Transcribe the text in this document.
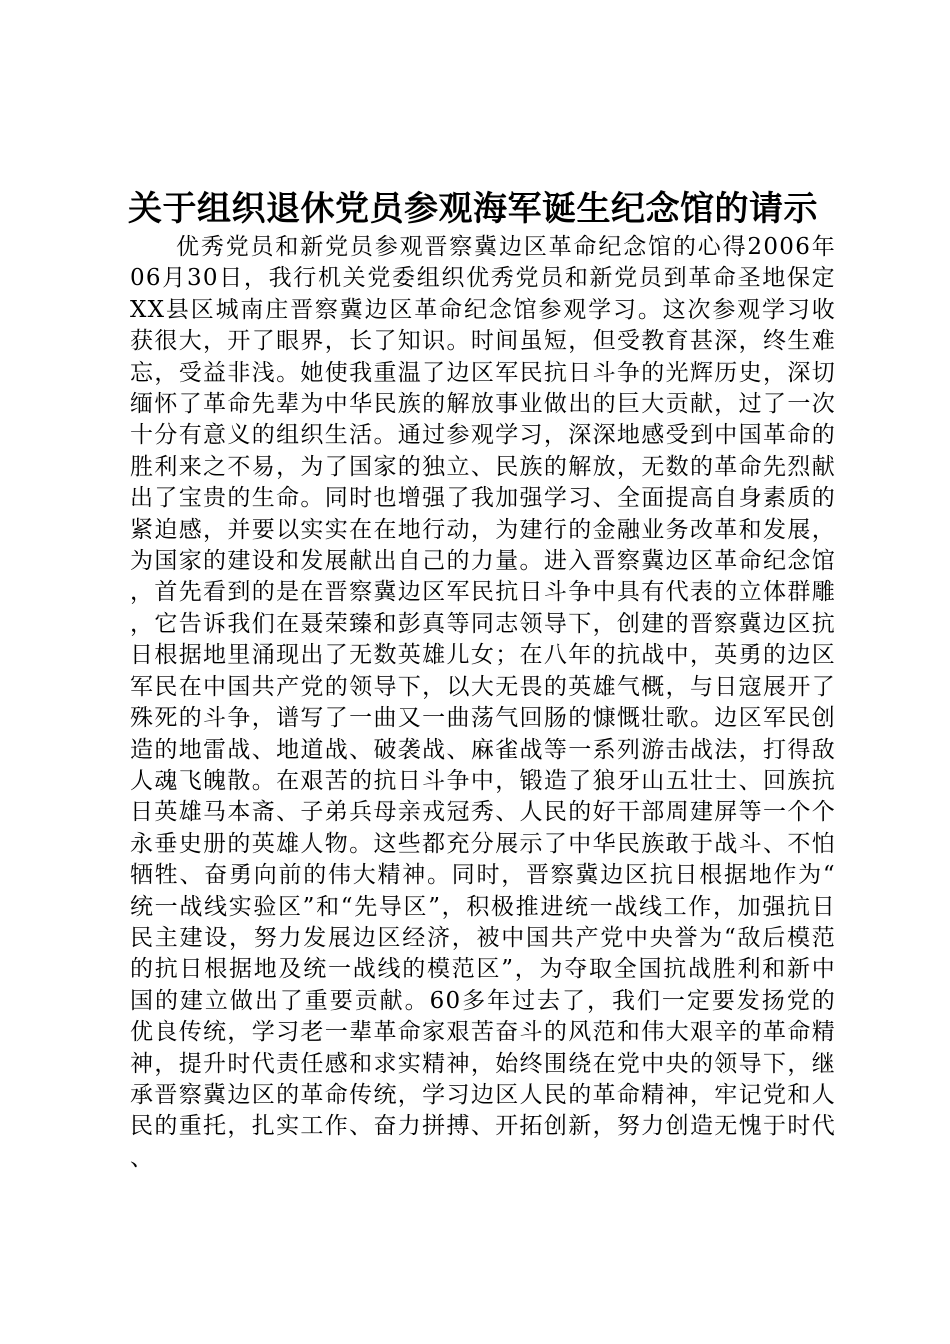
关于组织退休党员参观海军诞生纪念馆的请示

优秀党员和新党员参观晋察冀边区革命纪念馆的心得2006年06月30日，我行机关党委组织优秀党员和新党员到革命圣地保定XX县区城南庄晋察冀边区革命纪念馆参观学习。这次参观学习收获很大，开了眼界，长了知识。时间虽短，但受教育甚深，终生难忘，受益非浅。她使我重温了边区军民抗日斗争的光辉历史，深切缅怀了革命先辈为中华民族的解放事业做出的巨大贡献，过了一次十分有意义的组织生活。通过参观学习，深深地感受到中国革命的胜利来之不易，为了国家的独立、民族的解放，无数的革命先烈献出了宝贵的生命。同时也增强了我加强学习、全面提高自身素质的紧迫感，并要以实实在在地行动，为建行的金融业务改革和发展，为国家的建设和发展献出自己的力量。进入晋察冀边区革命纪念馆，首先看到的是在晋察冀边区军民抗日斗争中具有代表的立体群雕，它告诉我们在聂荣臻和彭真等同志领导下，创建的晋察冀边区抗日根据地里涌现出了无数英雄儿女；在八年的抗战中，英勇的边区军民在中国共产党的领导下，以大无畏的英雄气概，与日寇展开了殊死的斗争，谱写了一曲又一曲荡气回肠的慷慨壮歌。边区军民创造的地雷战、地道战、破袭战、麻雀战等一系列游击战法，打得敌人魂飞魄散。在艰苦的抗日斗争中，锻造了狼牙山五壮士、回族抗日英雄马本斋、子弟兵母亲戎冠秀、人民的好干部周建屏等一个个永垂史册的英雄人物。这些都充分展示了中华民族敢于战斗、不怕牺牲、奋勇向前的伟大精神。同时，晋察冀边区抗日根据地作为“统一战线实验区”和“先导区”，积极推进统一战线工作，加强抗日民主建设，努力发展边区经济，被中国共产党中央誉为“敌后模范的抗日根据地及统一战线的模范区”，为夺取全国抗战胜利和新中国的建立做出了重要贡献。60多年过去了，我们一定要发扬党的优良传统，学习老一辈革命家艰苦奋斗的风范和伟大艰辛的革命精神，提升时代责任感和求实精神，始终围绕在党中央的领导下，继承晋察冀边区的革命传统，学习边区人民的革命精神，牢记党和人民的重托，扎实工作、奋力拼搏、开拓创新，努力创造无愧于时代、
